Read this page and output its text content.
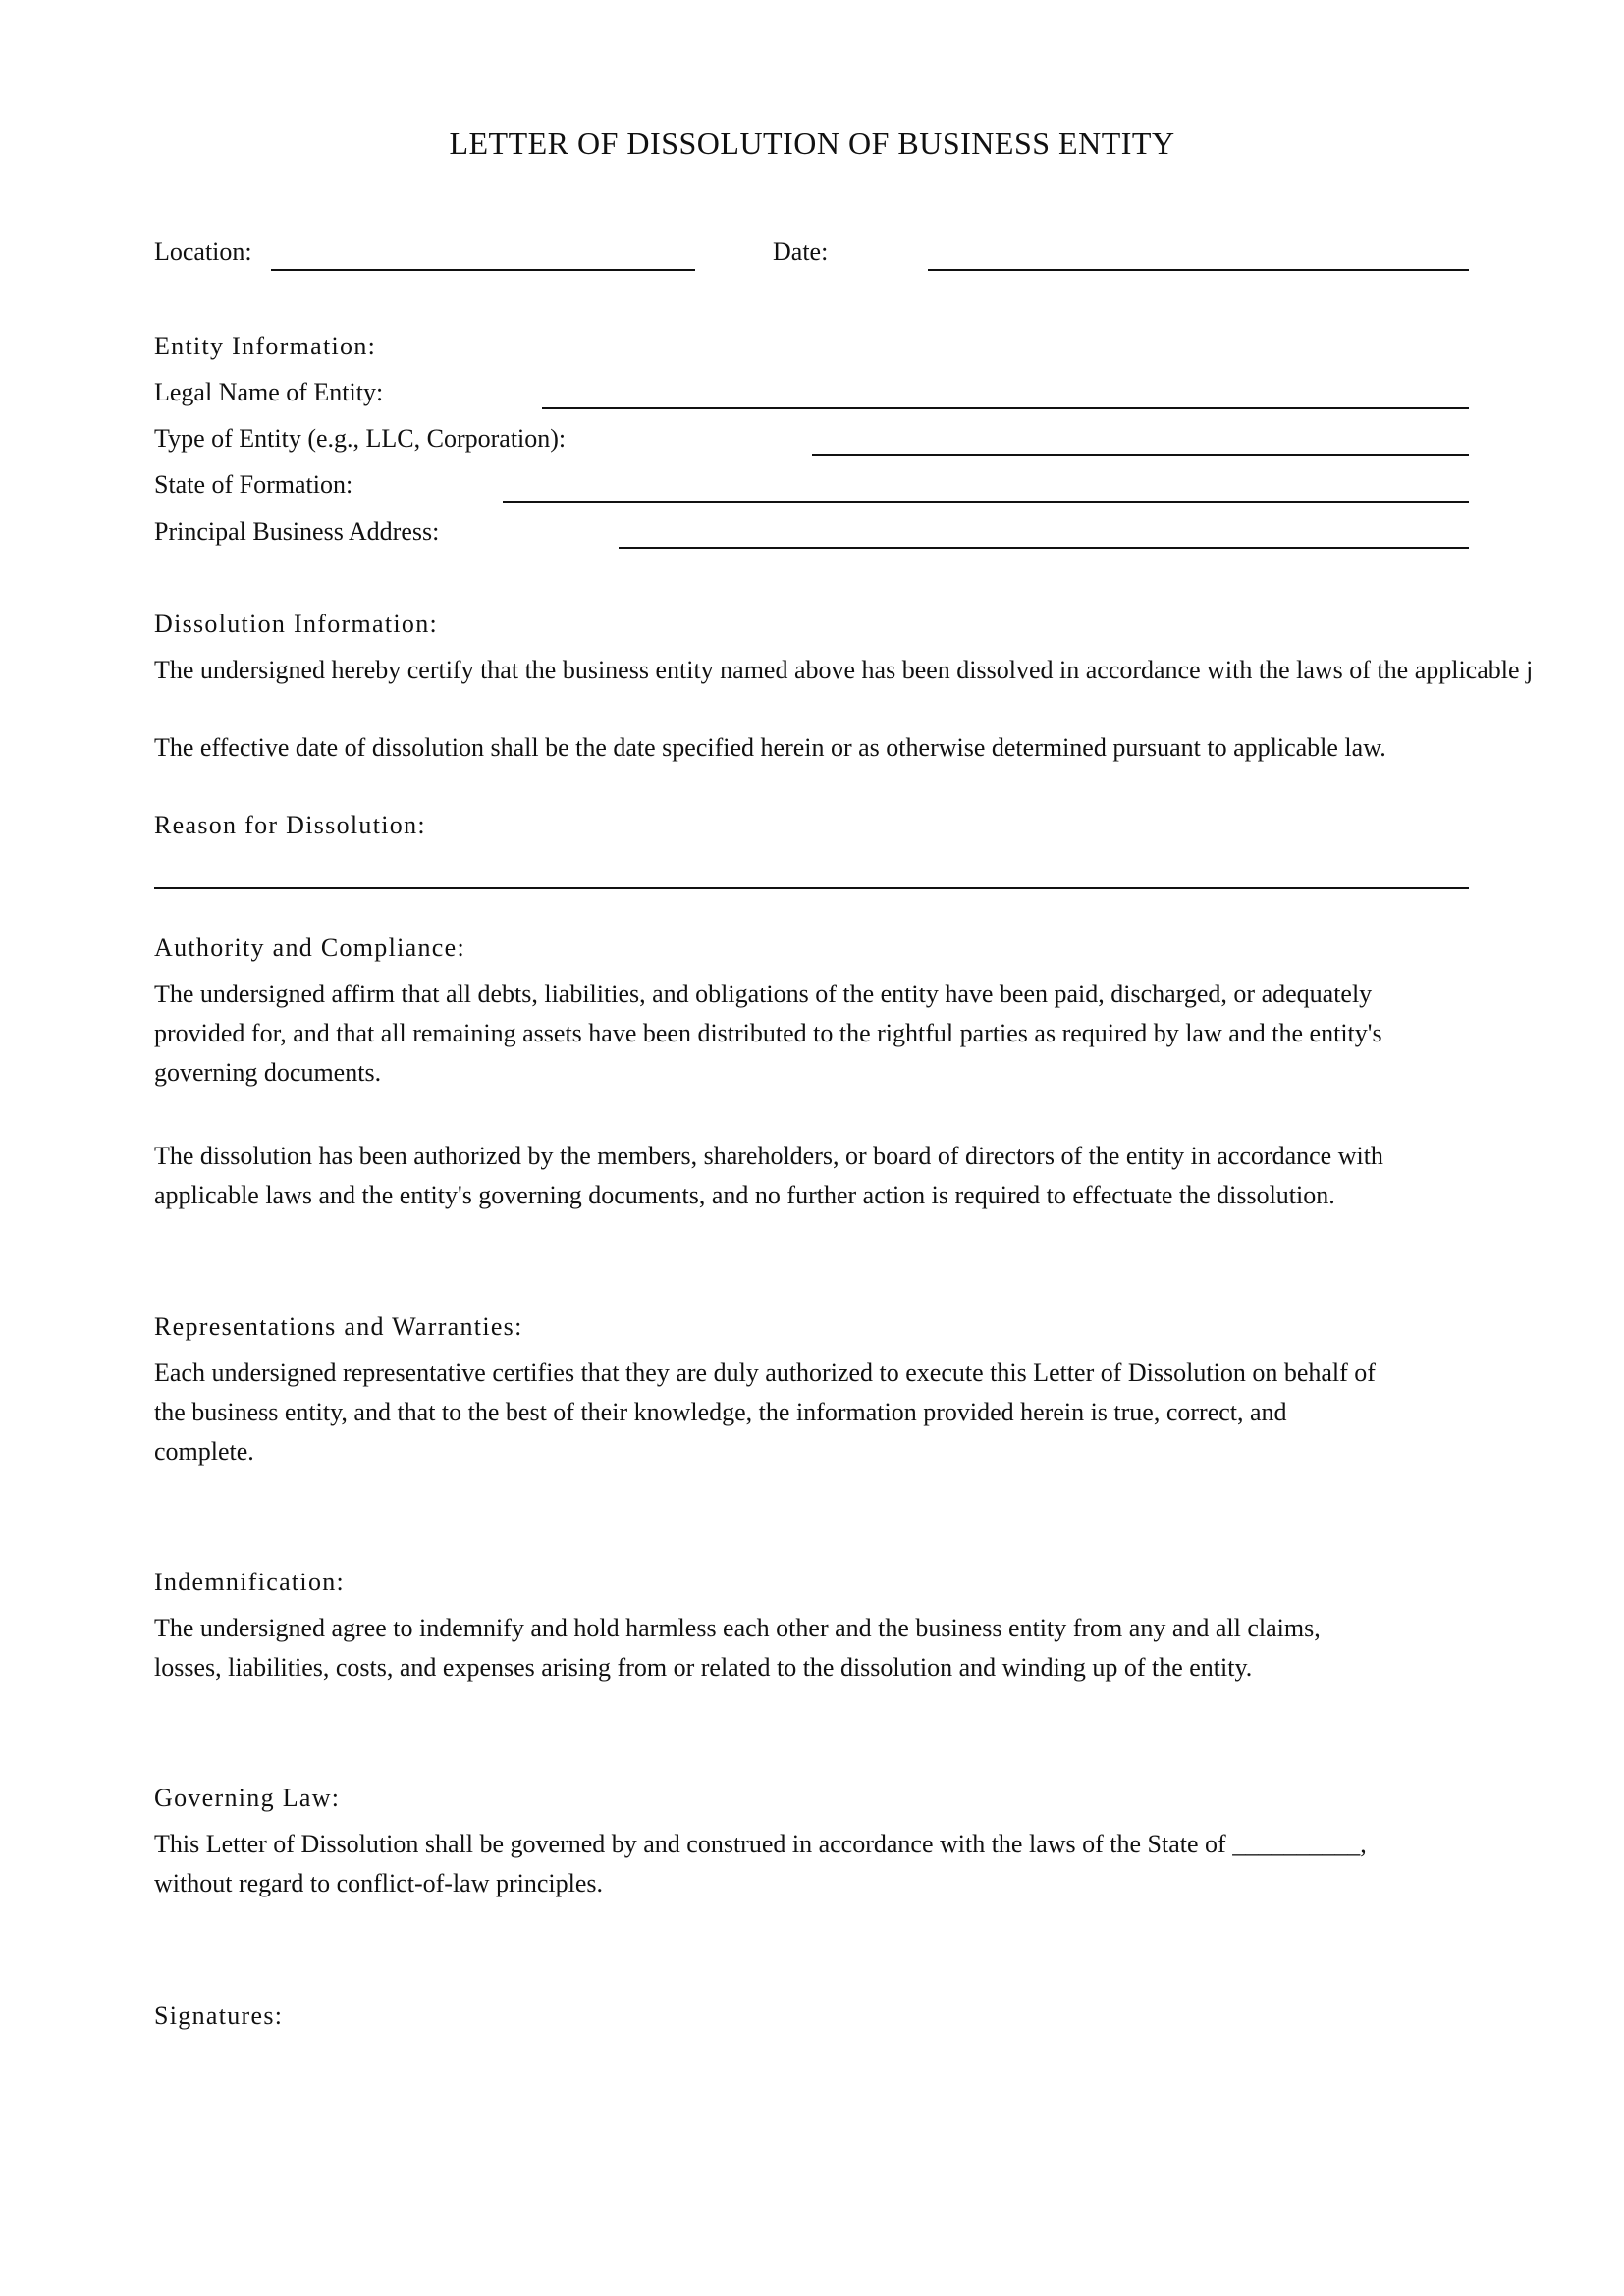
LETTER OF DISSOLUTION OF BUSINESS ENTITY
Location:	Date:
Entity Information:
Legal Name of Entity:
Type of Entity (e.g., LLC, Corporation):
State of Formation:
Principal Business Address:
Dissolution Information:
The undersigned hereby certify that the business entity named above has been dissolved in accordance with the laws of the applicable j
The effective date of dissolution shall be the date specified herein or as otherwise determined pursuant to applicable law.
Reason for Dissolution:
Authority and Compliance:

The undersigned affirm that all debts, liabilities, and obligations of the entity have been paid, discharged, or adequately

provided for, and that all remaining assets have been distributed to the rightful parties as required by law and the entity's

governing documents.

The dissolution has been authorized by the members, shareholders, or board of directors of the entity in accordance with

applicable laws and the entity's governing documents, and no further action is required to effectuate the dissolution.

Representations and Warranties:

Each undersigned representative certifies that they are duly authorized to execute this Letter of Dissolution on behalf of

the business entity, and that to the best of their knowledge, the information provided herein is true, correct, and

complete.

Indemnification:

The undersigned agree to indemnify and hold harmless each other and the business entity from any and all claims,

losses, liabilities, costs, and expenses arising from or related to the dissolution and winding up of the entity.

Governing Law:

This Letter of Dissolution shall be governed by and construed in accordance with the laws of the State of __________,

without regard to conflict-of-law principles.

Signatures:
